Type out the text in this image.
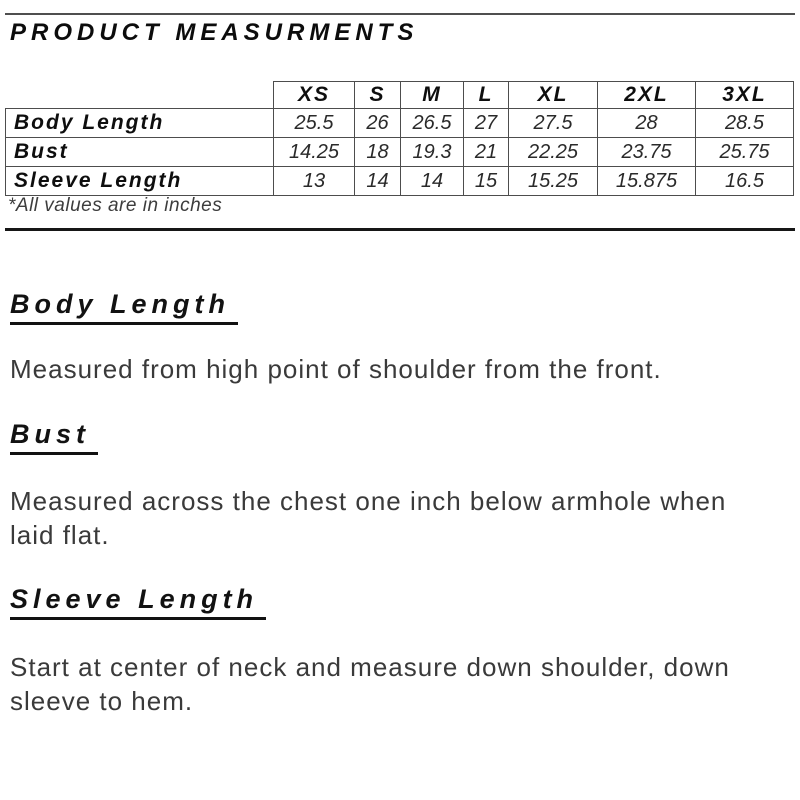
PRODUCT MEASURMENTS
	XS	S	M	L	XL	2XL	3XL
Body Length	25.5	26	26.5	27	27.5	28	28.5
Bust	14.25	18	19.3	21	22.25	23.75	25.75
Sleeve Length	13	14	14	15	15.25	15.875	16.5
*All values are in inches
Body Length

Measured from high point of shoulder from the front.

Bust

Measured across the chest one inch below armhole when laid flat.

Sleeve Length

Start at center of neck and measure down shoulder, down sleeve to hem.
